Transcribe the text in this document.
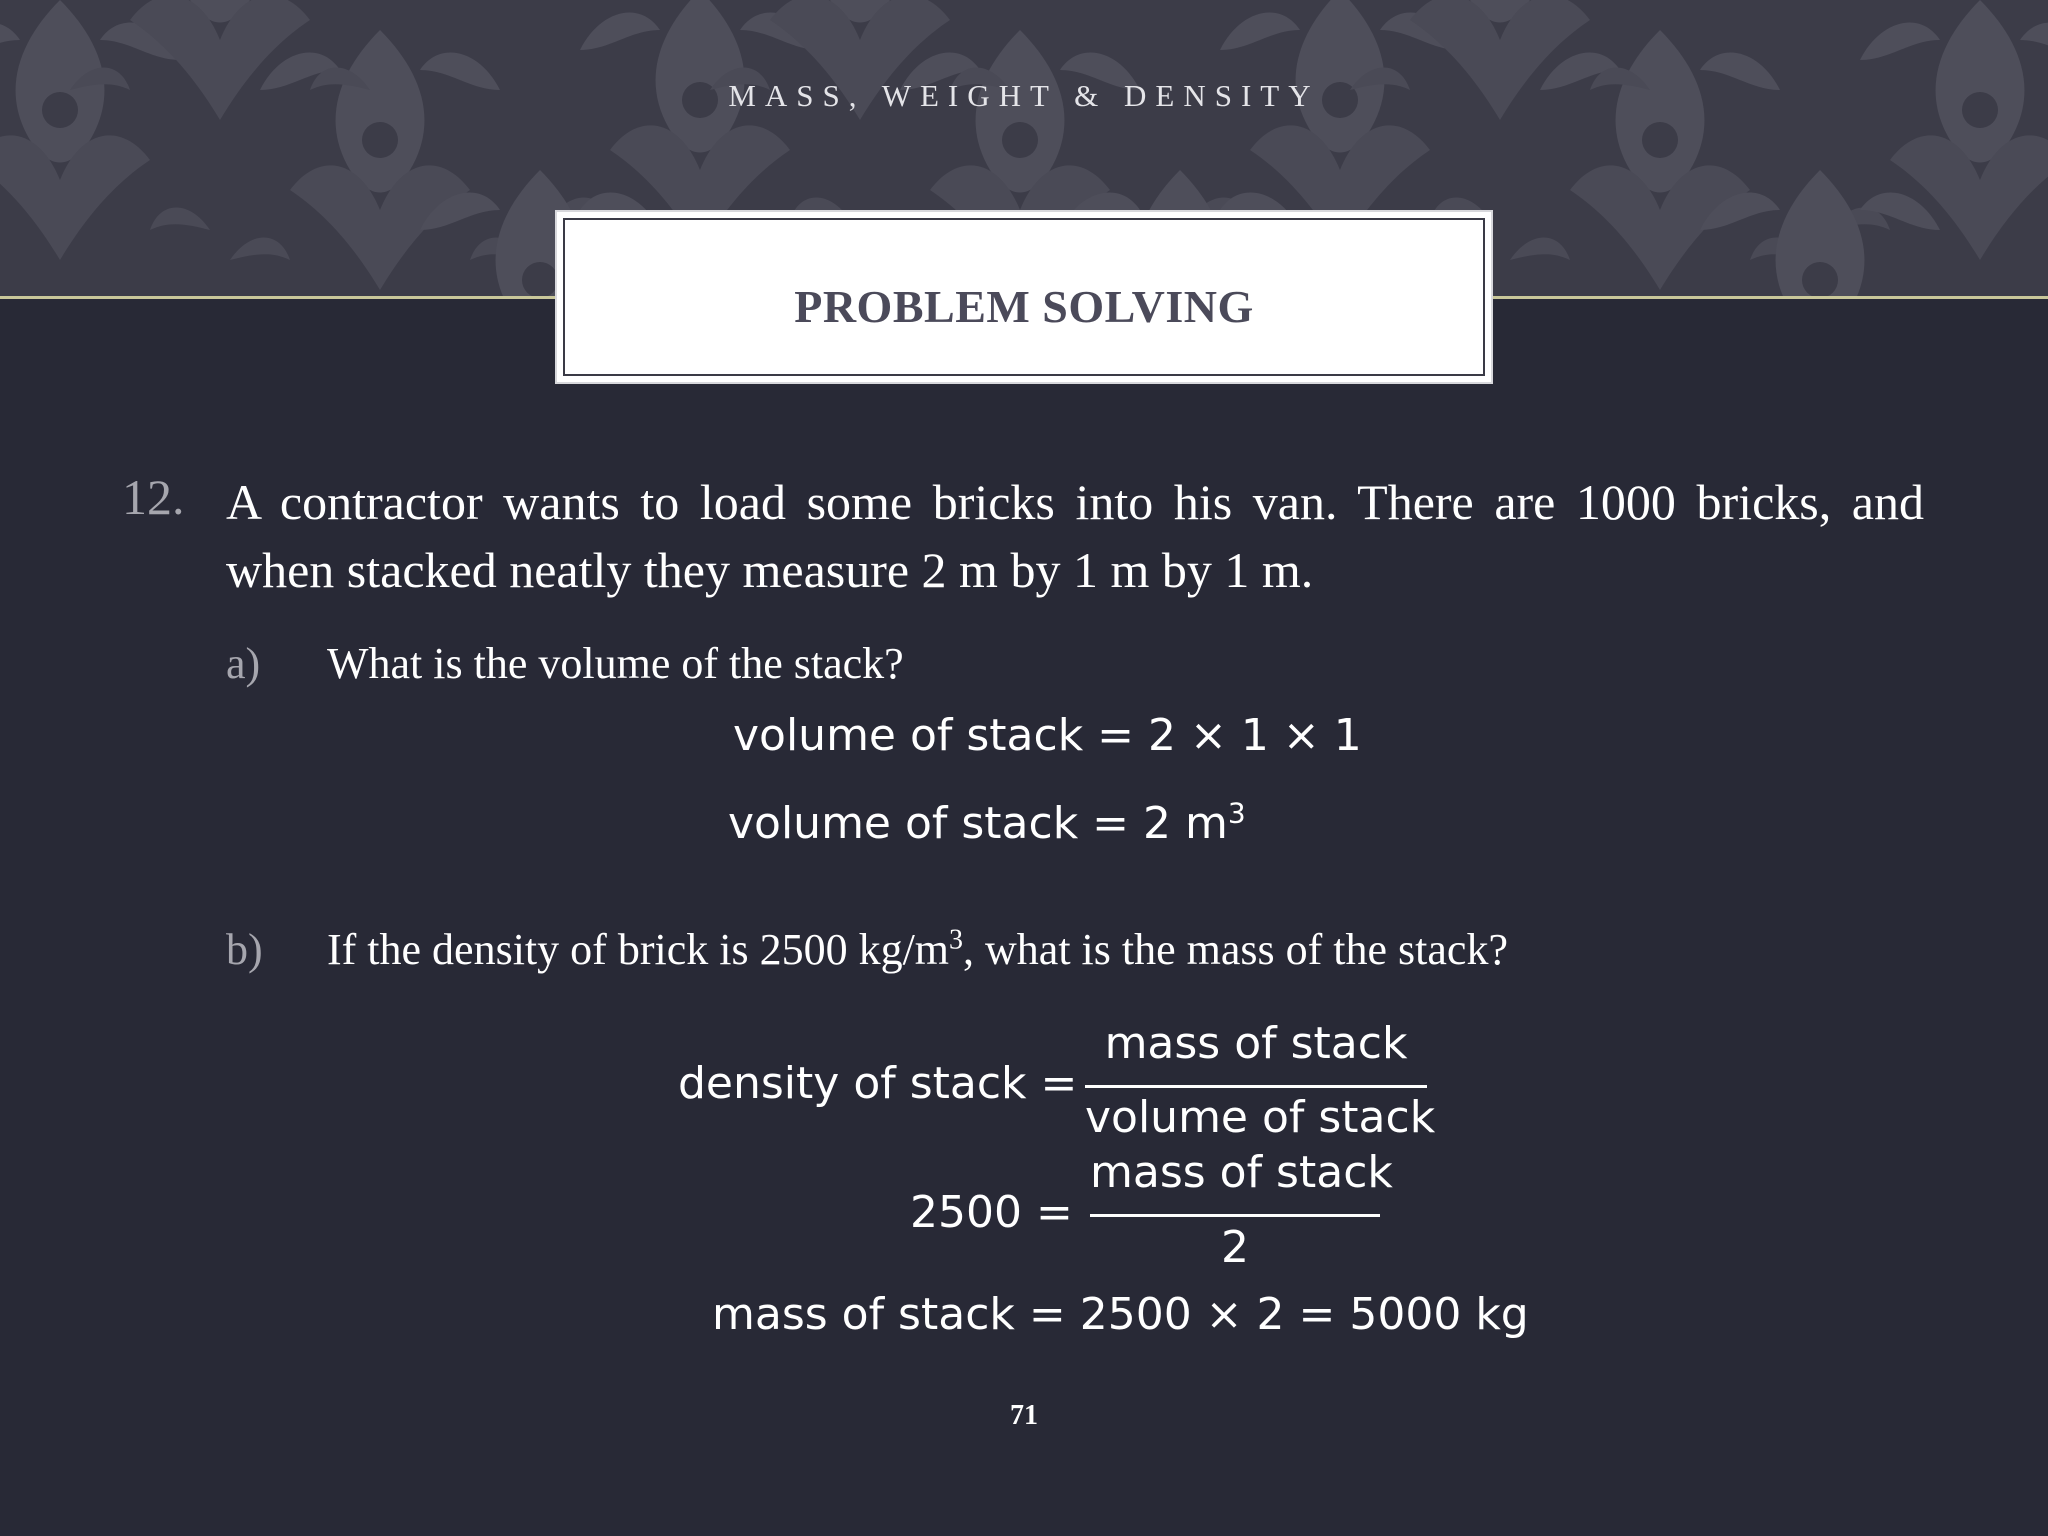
MASS, WEIGHT & DENSITY
PROBLEM SOLVING
12. A contractor wants to load some bricks into his van. There are 1000 bricks, and when stacked neatly they measure 2 m by 1 m by 1 m.
a) What is the volume of the stack?
volume of stack = 2 × 1 × 1
volume of stack = 2 $m^3$
b) If the density of brick is 2500 $kg/m^3$, what is the mass of the stack?
density of stack =
mass of stack
volume of stack
2500 =
mass of stack
2
mass of stack = 2500 × 2 = 5000 kg
71
